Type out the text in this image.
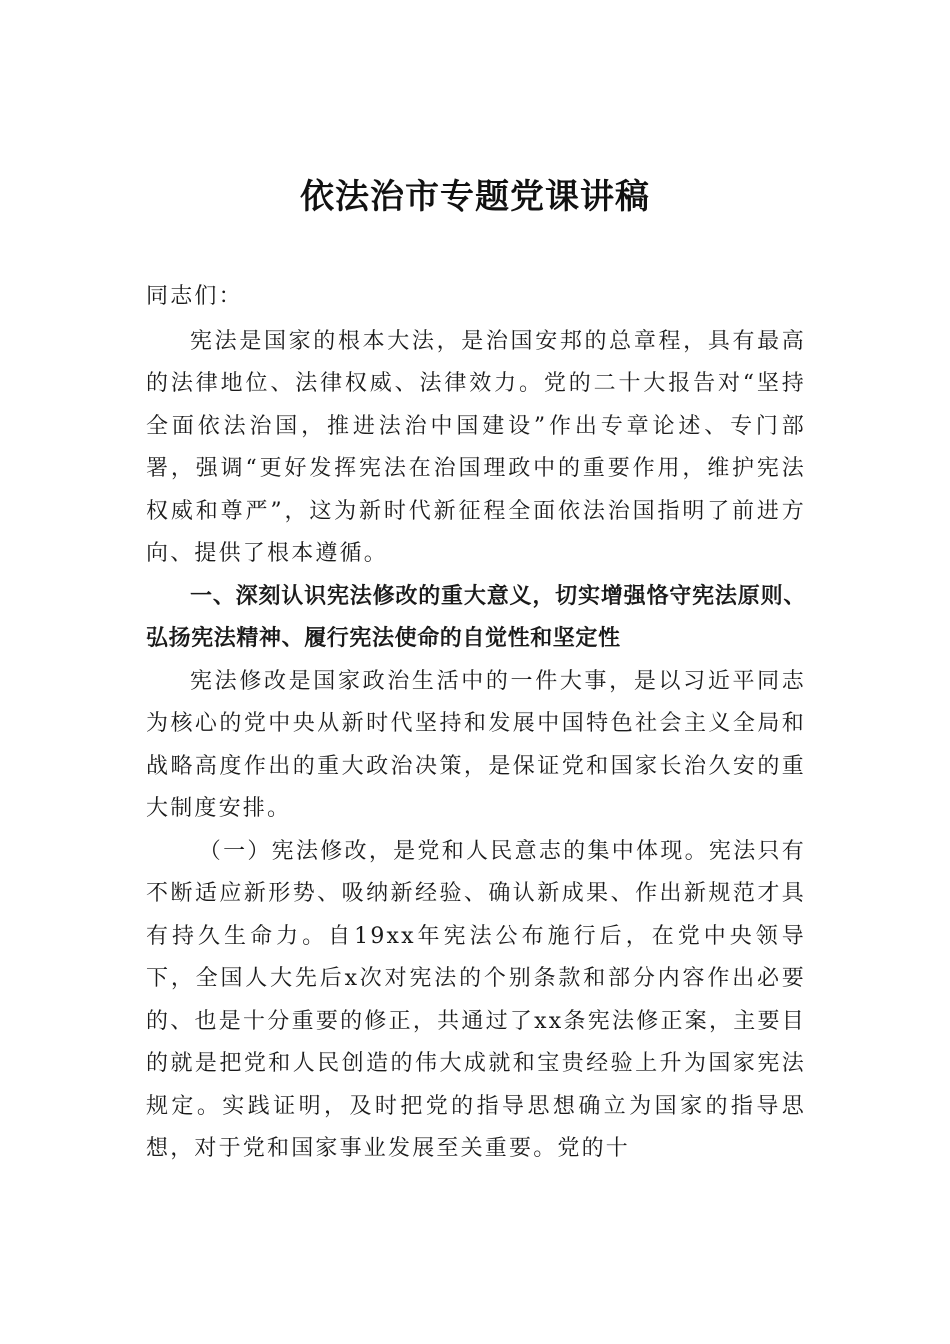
依法治市专题党课讲稿

同志们：

宪法是国家的根本大法，是治国安邦的总章程，具有最高的法律地位、法律权威、法律效力。党的二十大报告对“坚持全面依法治国，推进法治中国建设”作出专章论述、专门部署，强调“更好发挥宪法在治国理政中的重要作用，维护宪法权威和尊严”，这为新时代新征程全面依法治国指明了前进方向、提供了根本遵循。

一、深刻认识宪法修改的重大意义，切实增强恪守宪法原则、弘扬宪法精神、履行宪法使命的自觉性和坚定性

宪法修改是国家政治生活中的一件大事，是以习近平同志为核心的党中央从新时代坚持和发展中国特色社会主义全局和战略高度作出的重大政治决策，是保证党和国家长治久安的重大制度安排。

（一）宪法修改，是党和人民意志的集中体现。宪法只有不断适应新形势、吸纳新经验、确认新成果、作出新规范才具有持久生命力。自19xx年宪法公布施行后，在党中央领导下，全国人大先后x次对宪法的个别条款和部分内容作出必要的、也是十分重要的修正，共通过了xx条宪法修正案，主要目的就是把党和人民创造的伟大成就和宝贵经验上升为国家宪法规定。实践证明，及时把党的指导思想确立为国家的指导思想，对于党和国家事业发展至关重要。党的十
